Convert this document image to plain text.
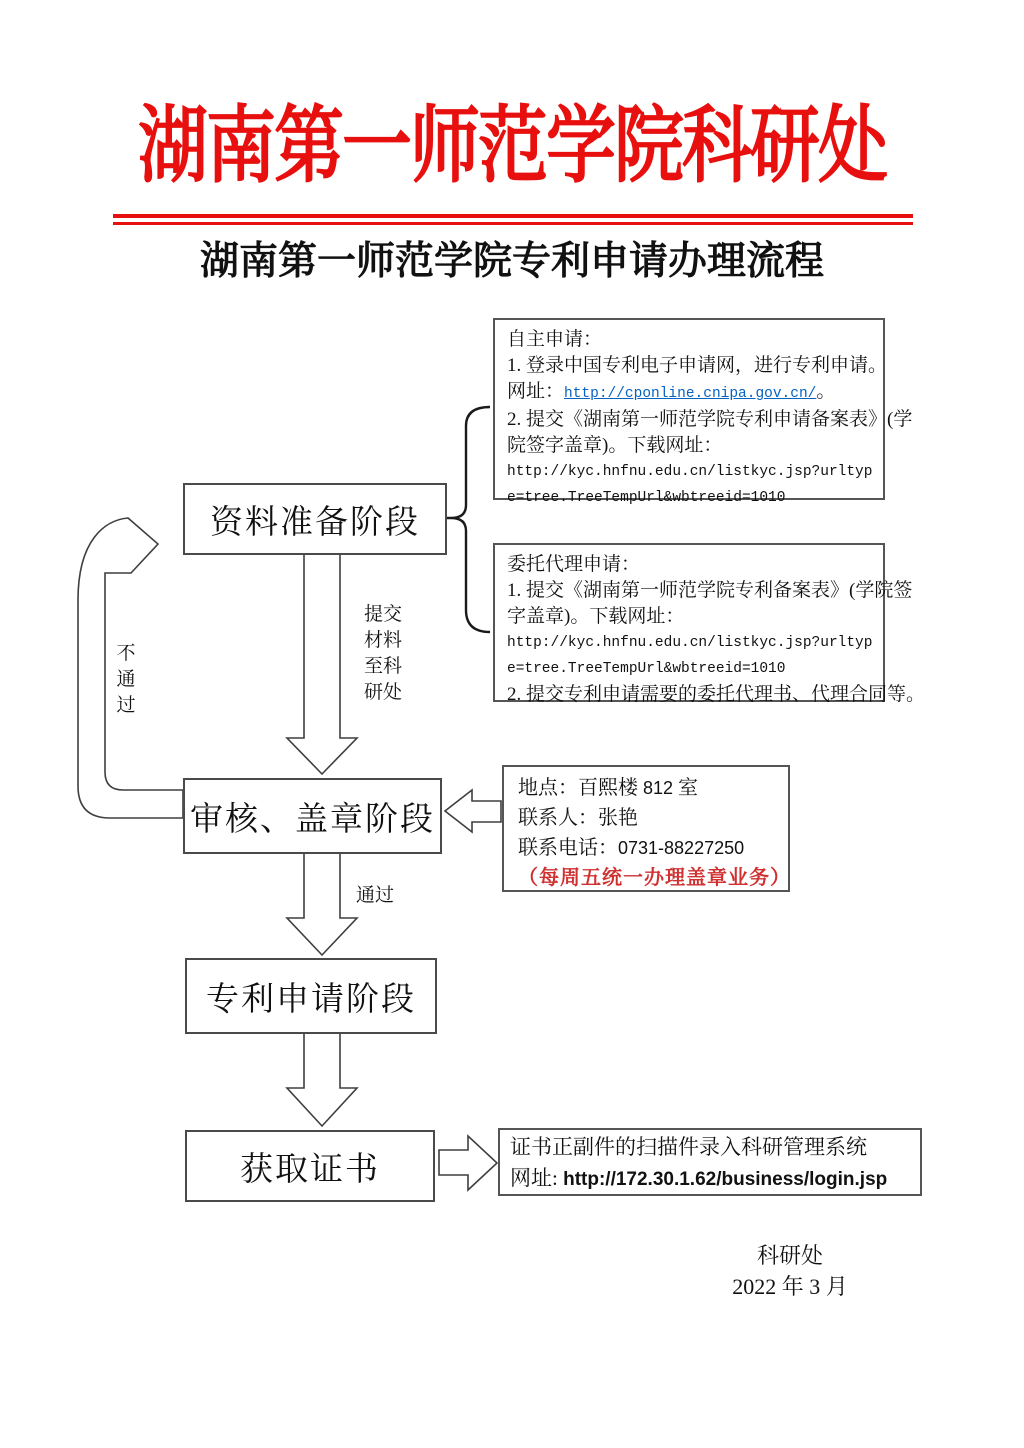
湖南第一师范学院科研处
湖南第一师范学院专利申请办理流程
资料准备阶段
审核、盖章阶段
专利申请阶段
获取证书
提交
材料
至科
研处
不
通
过
通过
自主申请：
1. 登录中国专利电子申请网，进行专利申请。
网址：http://cponline.cnipa.gov.cn/。
2. 提交《湖南第一师范学院专利申请备案表》(学
院签字盖章)。下载网址：
http://kyc.hnfnu.edu.cn/listkyc.jsp?urltyp
e=tree.TreeTempUrl&wbtreeid=1010
委托代理申请：
1. 提交《湖南第一师范学院专利备案表》(学院签
字盖章)。下载网址：
http://kyc.hnfnu.edu.cn/listkyc.jsp?urltyp
e=tree.TreeTempUrl&wbtreeid=1010
2. 提交专利申请需要的委托代理书、代理合同等。
地点：百熙楼 812 室
联系人：张艳
联系电话：0731-88227250
（每周五统一办理盖章业务）
证书正副件的扫描件录入科研管理系统
网址: http://172.30.1.62/business/login.jsp
科研处
2022 年 3 月
